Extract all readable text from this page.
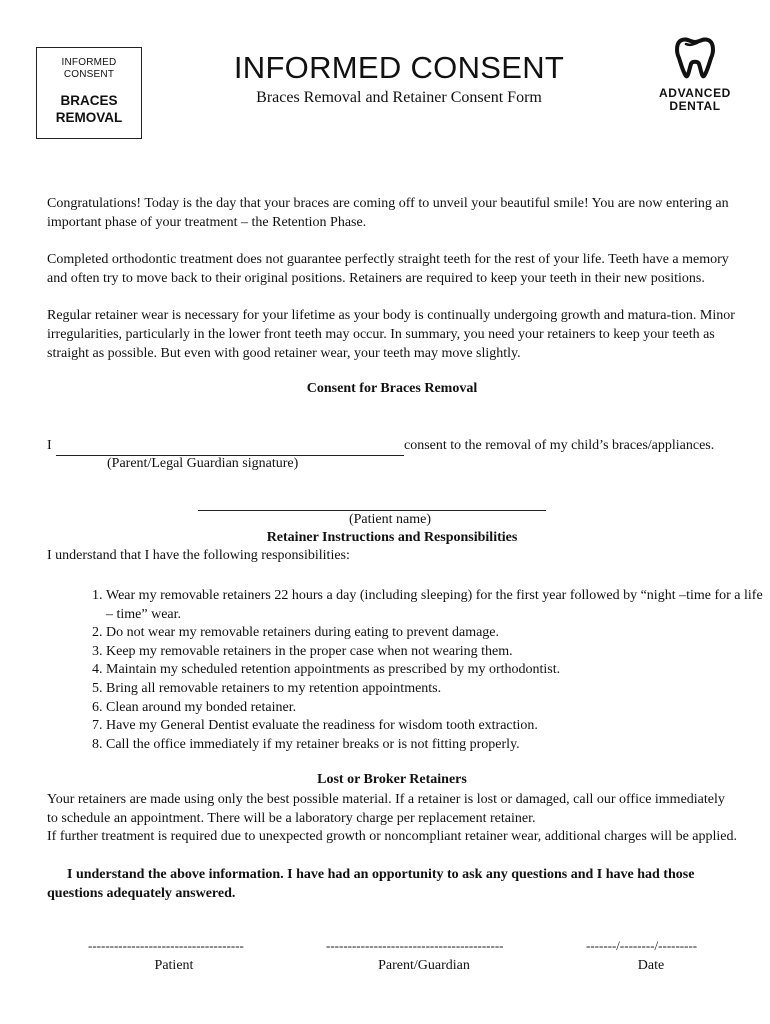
INFORMED
CONSENT
BRACES
REMOVAL
INFORMED CONSENT
Braces Removal and Retainer Consent Form	ADVANCED
DENTAL

Congratulations! Today is the day that your braces are coming off to unveil your beautiful smile! You are now entering an important phase of your treatment – the Retention Phase.

Completed orthodontic treatment does not guarantee perfectly straight teeth for the rest of your life. Teeth have a memory and often try to move back to their original positions. Retainers are required to keep your teeth in their new positions.

Regular retainer wear is necessary for your lifetime as your body is continually undergoing growth and matura-tion. Minor irregularities, particularly in the lower front teeth may occur. In summary, you need your retainers to keep your teeth as straight as possible. But even with good retainer wear, your teeth may move slightly.

Consent for Braces Removal
I	consent to the removal of my child’s braces/appliances.
(Parent/Legal Guardian signature)
(Patient name)
Retainer Instructions and Responsibilities
I understand that I have the following responsibilities:
1. Wear my removable retainers 22 hours a day (including sleeping) for the first year followed by “night –time for a life – time” wear.
2. Do not wear my removable retainers during eating to prevent damage.
3. Keep my removable retainers in the proper case when not wearing them.
4. Maintain my scheduled retention appointments as prescribed by my orthodontist.
5. Bring all removable retainers to my retention appointments.
6. Clean around my bonded retainer.
7. Have my General Dentist evaluate the readiness for wisdom tooth extraction.
8. Call the office immediately if my retainer breaks or is not fitting properly.
Lost or Broker Retainers

Your retainers are made using only the best possible material. If a retainer is lost or damaged, call our office immediately to schedule an appointment. There will be a laboratory charge per replacement retainer.

If further treatment is required due to unexpected growth or noncompliant retainer wear, additional charges will be applied.

I understand the above information. I have had an opportunity to ask any questions and I have had those questions adequately answered.

------------------------------------	-----------------------------------------	-------/--------/---------
Patient	Parent/Guardian	Date
